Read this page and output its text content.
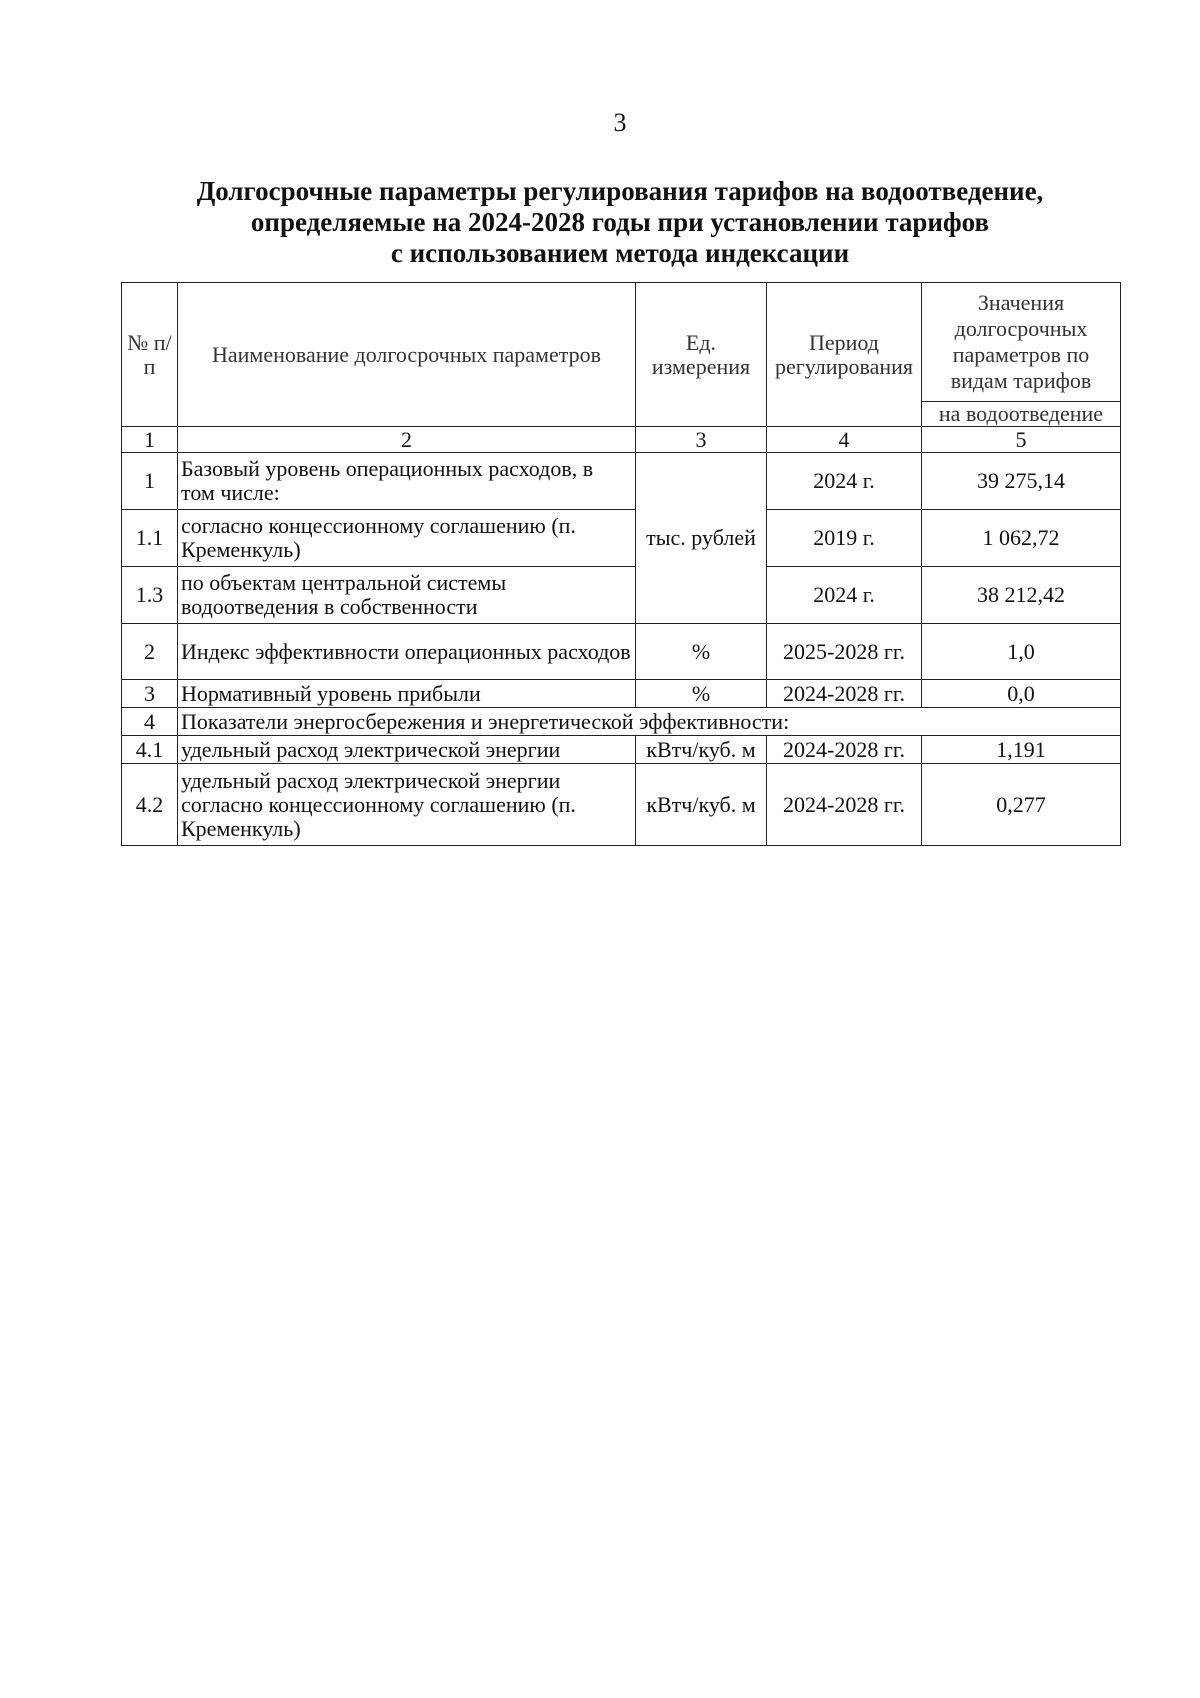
3
Долгосрочные параметры регулирования тарифов на водоотведение,
определяемые на 2024-2028 годы при установлении тарифов
с использованием метода индексации
№ п/п	Наименование долгосрочных параметров	Ед. измерения	Период регулирования	Значения долгосрочных параметров по видам тарифов
				на водоотведение
1	2	3	4	5
1	Базовый уровень операционных расходов, в том числе:	тыс. рублей	2024 г.	39 275,14
1.1	согласно концессионному соглашению (п. Кременкуль)		2019 г.	1 062,72
1.3	по объектам центральной системы водоотведения в собственности		2024 г.	38 212,42
2	Индекс эффективности операционных расходов	%	2025-2028 гг.	1,0
3	Нормативный уровень прибыли	%	2024-2028 гг.	0,0
4	Показатели энергосбережения и энергетической эффективности:			
4.1	удельный расход электрической энергии	кВтч/куб. м	2024-2028 гг.	1,191
4.2	удельный расход электрической энергии согласно концессионному соглашению (п. Кременкуль)	кВтч/куб. м	2024-2028 гг.	0,277
